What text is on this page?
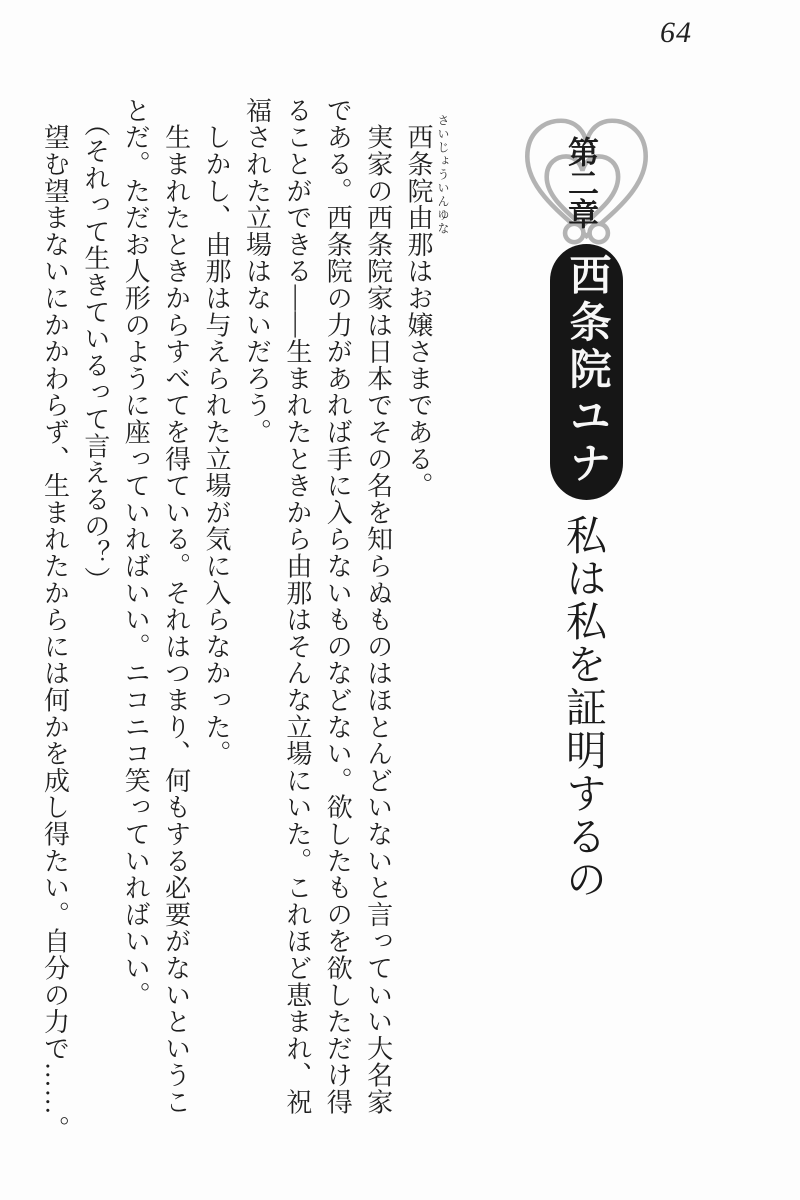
64
第二章
西条院ユナ
私は私を証明するの
さいじょういんゆな
　西条院由那はお嬢さまである。
　実家の西条院家は日本でその名を知らぬものはほとんどいないと言っていい大名家
である。西条院の力があれば手に入らないものなどない。欲したものを欲しただけ得
ることができる――生まれたときから由那はそんな立場にいた。これほど恵まれ、祝
福された立場はないだろう。
　しかし、由那は与えられた立場が気に入らなかった。
　生まれたときからすべてを得ている。それはつまり、何もする必要がないというこ
とだ。ただお人形のように座っていればいい。ニコニコ笑っていればいい。
　（それって生きているって言えるの？）
　望む望まないにかかわらず、生まれたからには何かを成し得たい。自分の力で……。
